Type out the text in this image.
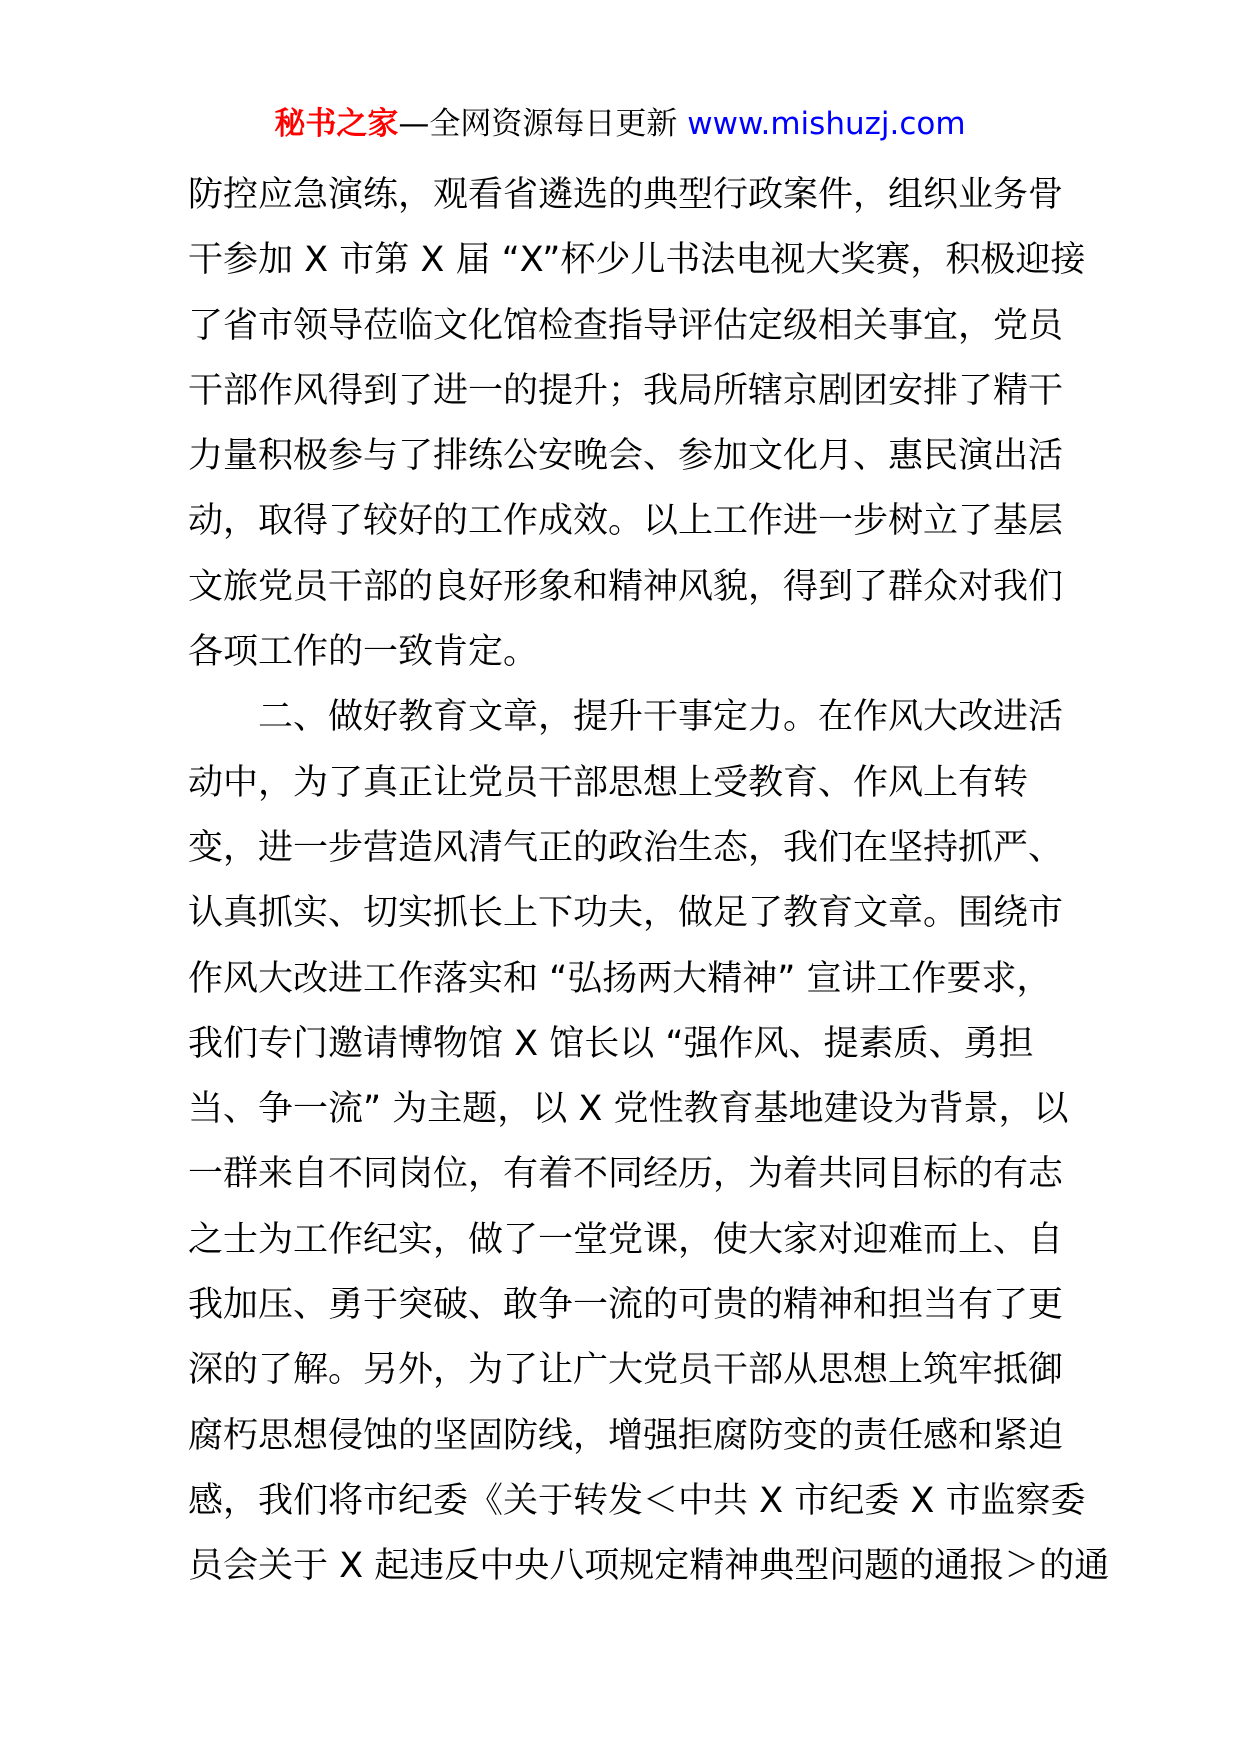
秘书之家—全网资源每日更新 www.mishuzj.com
防控应急演练，观看省遴选的典型行政案件，组织业务骨
干参加 X 市第 X 届 “X”杯少儿书法电视大奖赛，积极迎接
了省市领导莅临文化馆检查指导评估定级相关事宜，党员
干部作风得到了进一的提升；我局所辖京剧团安排了精干
力量积极参与了排练公安晚会、参加文化月、惠民演出活
动，取得了较好的工作成效。以上工作进一步树立了基层
文旅党员干部的良好形象和精神风貌，得到了群众对我们
各项工作的一致肯定。
二、做好教育文章，提升干事定力。在作风大改进活
动中，为了真正让党员干部思想上受教育、作风上有转
变，进一步营造风清气正的政治生态，我们在坚持抓严、
认真抓实、切实抓长上下功夫，做足了教育文章。围绕市
作风大改进工作落实和 “弘扬两大精神” 宣讲工作要求，
我们专门邀请博物馆 X 馆长以 “强作风、提素质、勇担
当、争一流” 为主题，以 X 党性教育基地建设为背景，以
一群来自不同岗位，有着不同经历，为着共同目标的有志
之士为工作纪实，做了一堂党课，使大家对迎难而上、自
我加压、勇于突破、敢争一流的可贵的精神和担当有了更
深的了解。另外，为了让广大党员干部从思想上筑牢抵御
腐朽思想侵蚀的坚固防线，增强拒腐防变的责任感和紧迫
感，我们将市纪委《关于转发＜中共 X 市纪委 X 市监察委
员会关于 X 起违反中央八项规定精神典型问题的通报＞的通
